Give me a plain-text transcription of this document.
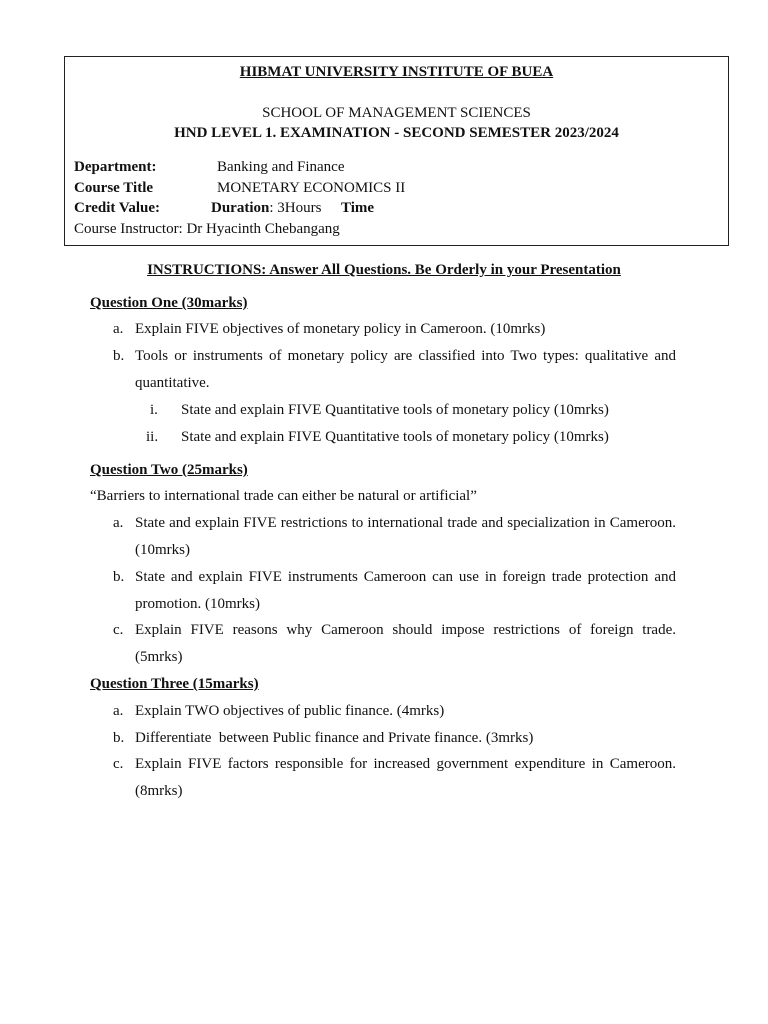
HIBMAT UNIVERSITY INSTITUTE OF BUEA
SCHOOL OF MANAGEMENT SCIENCES
HND LEVEL 1. EXAMINATION - SECOND SEMESTER 2023/2024
Department:	Banking and Finance
Course Title	MONETARY ECONOMICS II
Credit Value:	Duration: 3Hours Time
Course Instructor: Dr Hyacinth Chebangang
INSTRUCTIONS: Answer All Questions. Be Orderly in your Presentation
Question One (30marks)
a. Explain FIVE objectives of monetary policy in Cameroon. (10mrks)
b. Tools or instruments of monetary policy are classified into Two types: qualitative and
quantitative.
i. State and explain FIVE Quantitative tools of monetary policy (10mrks)
ii. State and explain FIVE Quantitative tools of monetary policy (10mrks)
Question Two (25marks)
“Barriers to international trade can either be natural or artificial”
a. State and explain FIVE restrictions to international trade and specialization in Cameroon.
(10mrks)
b. State and explain FIVE instruments Cameroon can use in foreign trade protection and
promotion. (10mrks)
c. Explain FIVE reasons why Cameroon should impose restrictions of foreign trade.
(5mrks)
Question Three (15marks)
a. Explain TWO objectives of public finance. (4mrks)
b. Differentiate  between Public finance and Private finance. (3mrks)
c. Explain FIVE factors responsible for increased government expenditure in Cameroon.
(8mrks)
